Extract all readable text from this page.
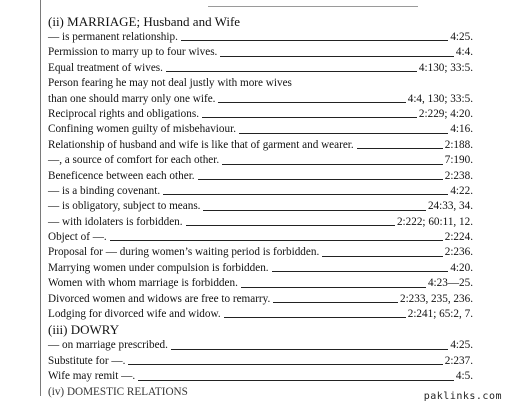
(ii) MARRIAGE; Husband and Wife
— is permanent relationship.	4:25.
Permission to marry up to four wives.	4:4.
Equal treatment of wives.	4:130; 33:5.
Person fearing he may not deal justly with more wives
than one should marry only one wife.	4:4, 130; 33:5.
Reciprocal rights and obligations.	2:229; 4:20.
Confining women guilty of misbehaviour.	4:16.
Relationship of husband and wife is like that of garment and wearer.	2:188.
—, a source of comfort for each other.	7:190.
Beneficence between each other.	2:238.
— is a binding covenant.	4:22.
— is obligatory, subject to means.	24:33, 34.
— with idolaters is forbidden.	2:222; 60:11, 12.
Object of —.	2:224.
Proposal for — during women’s waiting period is forbidden.	2:236.
Marrying women under compulsion is forbidden.	4:20.
Women with whom marriage is forbidden.	4:23—25.
Divorced women and widows are free to remarry.	2:233, 235, 236.
Lodging for divorced wife and widow.	2:241; 65:2, 7.
(iii) DOWRY
— on marriage prescribed.	4:25.
Substitute for —.	2:237.
Wife may remit —.	4:5.
(iv) DOMESTIC RELATIONS	paklinks.com
